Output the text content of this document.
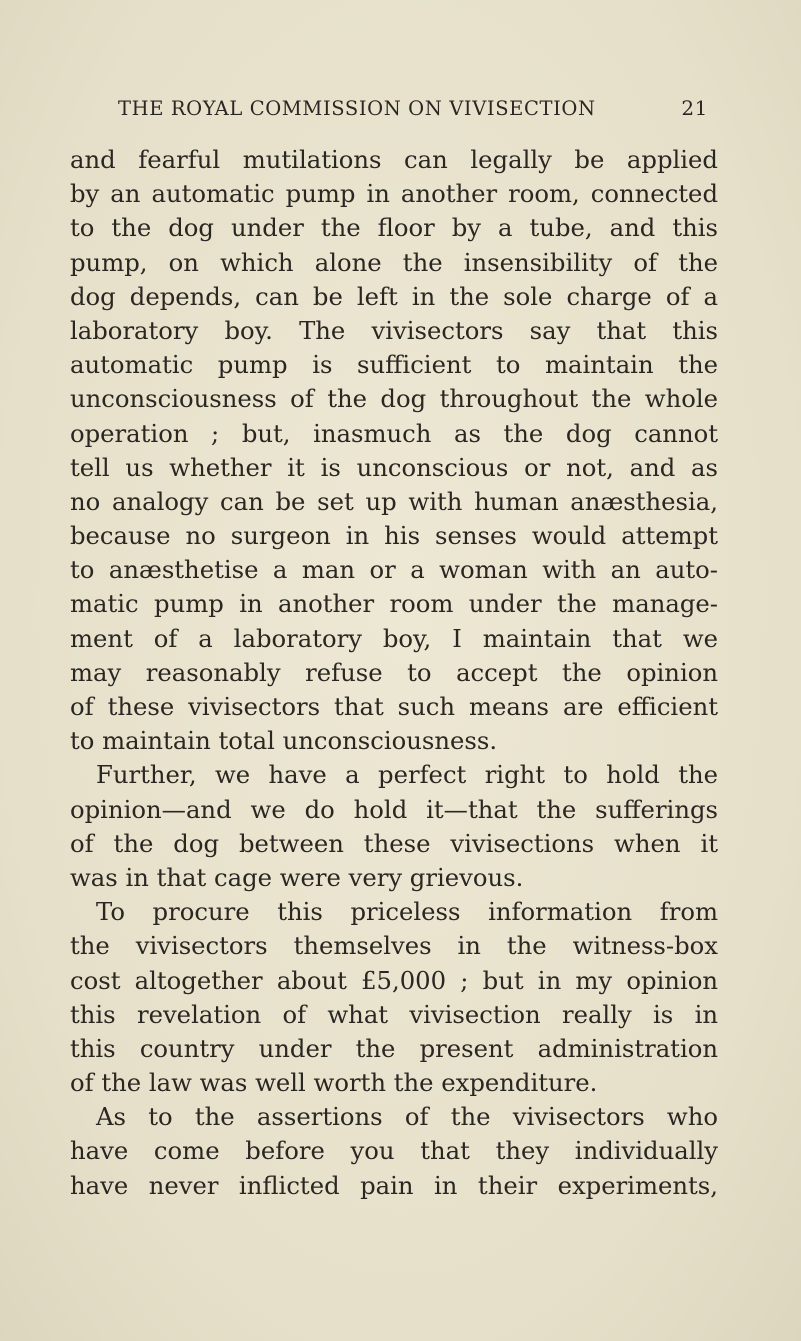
THE ROYAL COMMISSION ON VIVISECTION	21
and fearful mutilations can legally be applied
by an automatic pump in another room, connected
to the dog under the floor by a tube, and this
pump, on which alone the insensibility of the
dog depends, can be left in the sole charge of a
laboratory boy. The vivisectors say that this
automatic pump is sufficient to maintain the
unconsciousness of the dog throughout the whole
operation ; but, inasmuch as the dog cannot
tell us whether it is unconscious or not, and as
no analogy can be set up with human anæsthesia,
because no surgeon in his senses would attempt
to anæsthetise a man or a woman with an auto-
matic pump in another room under the manage-
ment of a laboratory boy, I maintain that we
may reasonably refuse to accept the opinion
of these vivisectors that such means are efficient
to maintain total unconsciousness.
Further, we have a perfect right to hold the
opinion—and we do hold it—that the sufferings
of the dog between these vivisections when it
was in that cage were very grievous.
To procure this priceless information from
the vivisectors themselves in the witness-box
cost altogether about £5,000 ; but in my opinion
this revelation of what vivisection really is in
this country under the present administration
of the law was well worth the expenditure.
As to the assertions of the vivisectors who
have come before you that they individually
have never inflicted pain in their experiments,
